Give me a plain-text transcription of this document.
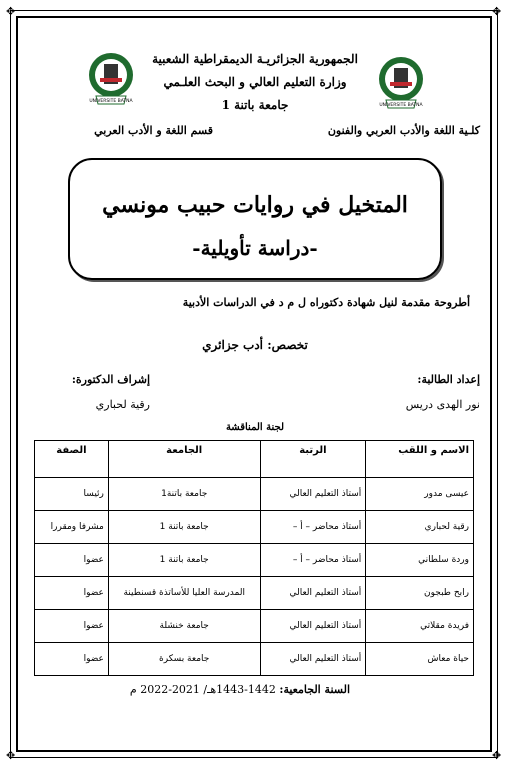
✥	✥
✥	✥
UNIVERSITE BATNA
UNIVERSITE BATNA
الجمهورية الجزائريـة الديمقراطية الشعبية
وزارة التعليم العالي و البحث العلـمي
جامعة باتنة 1
كلـية اللغة والأدب العربي والفنون
قسم اللغة و الأدب العربي
المتخيل في روايات حبيب مونسي
-دراسة تأويلية-
أطروحة مقدمة لنيل شهادة دكتوراه ل م د في الدراسات الأدبية
تخصص: أدب جزائري
إعداد الطالبة:
نور الهدى دريس
إشراف الدكتورة:
رقية لحباري
لجنة المناقشة
الاسم و اللقب	الرتبة	الجامعة	الصفة
عيسى مدور	أستاذ التعليم العالي	جامعة باتنة1	رئيسا
رقية لحباري	أستاذ محاضر – أ –	جامعة باتنة 1	مشرفا ومقررا
وردة سلطاني	أستاذ محاضر – أ –	جامعة باتنة 1	عضوا
رابح طبجون	أستاذ التعليم العالي	المدرسة العليا للأساتذة قسنطينة	عضوا
فريدة مقلاتي	أستاذ التعليم العالي	جامعة خنشلة	عضوا
حياة معاش	أستاذ التعليم العالي	جامعة بسكرة	عضوا
السنة الجامعية: 1442-1443هـ/ 2021-2022 م
